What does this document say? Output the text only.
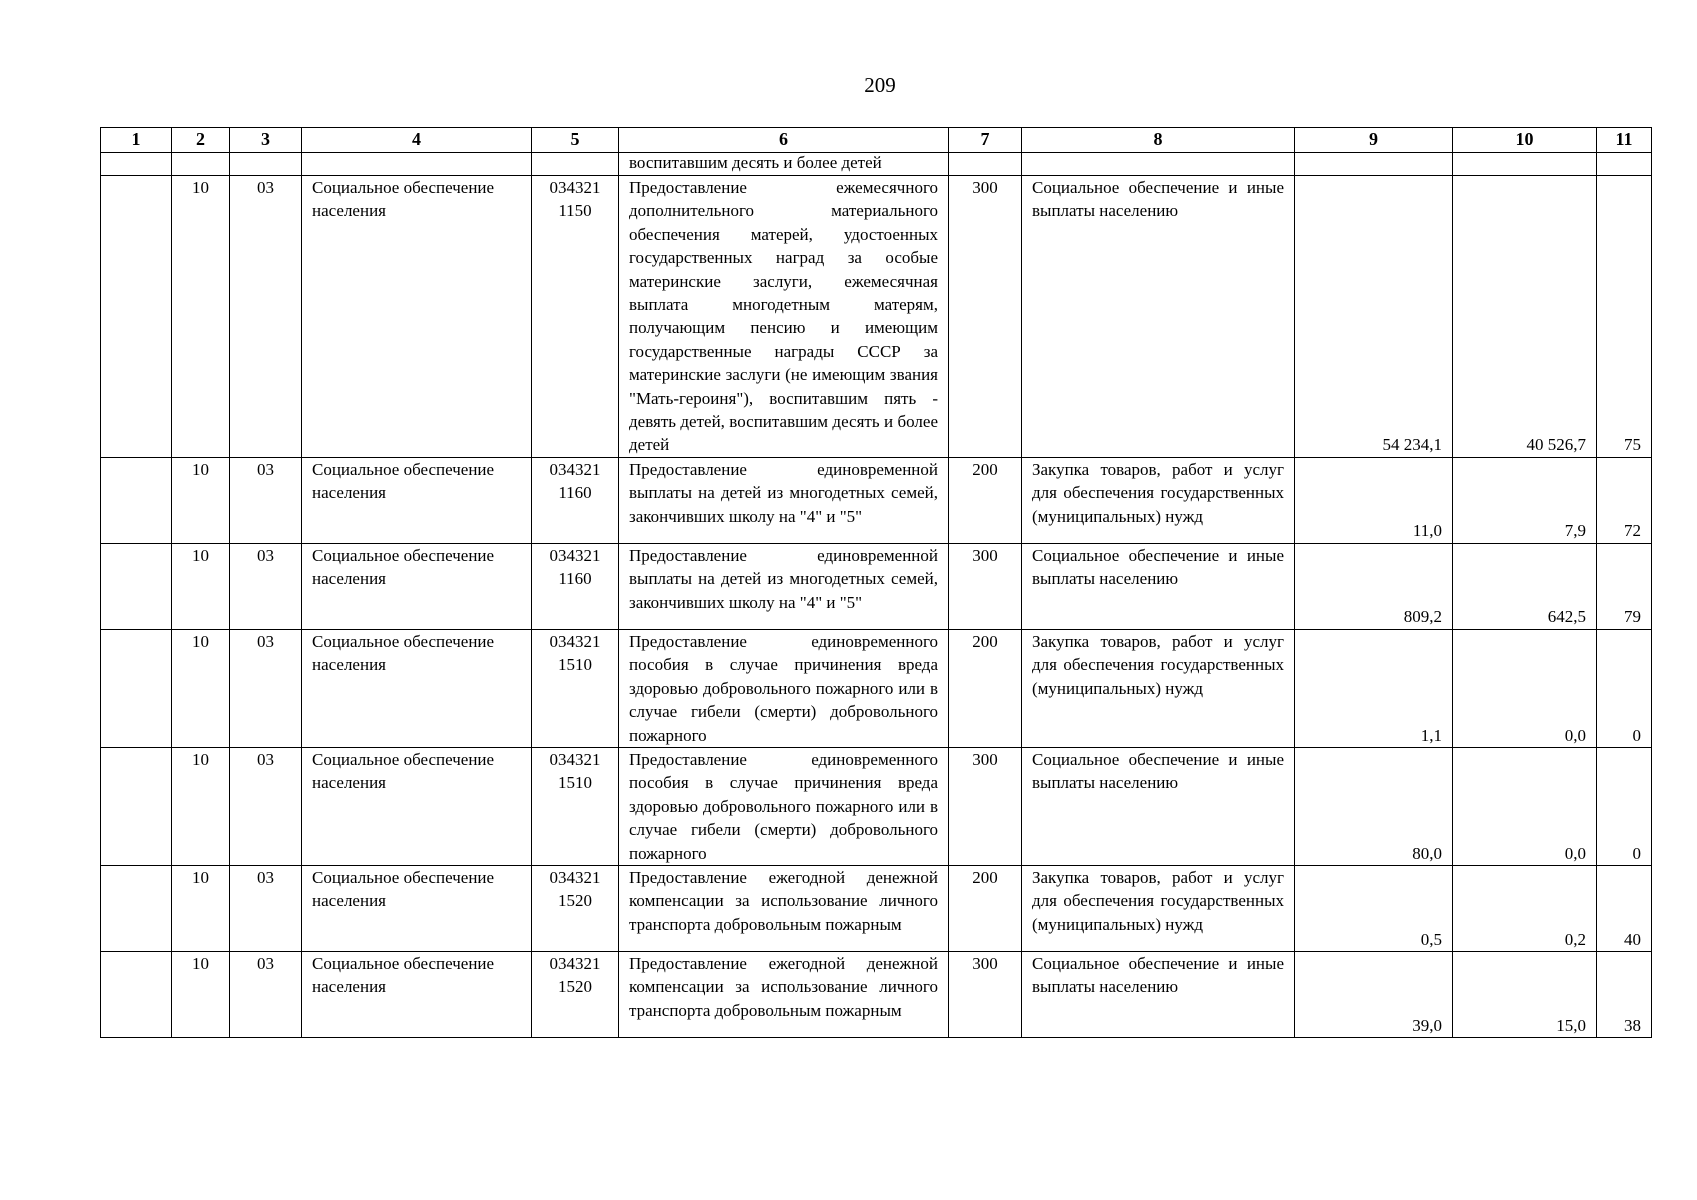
209
1	2	3	4	5	6	7	8	9	10	11
					воспитавшим десять и более детей					
	10	03	Социальное обеспечение населения	034321 1150	Предоставление ежемесячного дополнительного материального обеспечения матерей, удостоенных государственных наград за особые материнские заслуги, ежемесячная выплата многодетным матерям, получающим пенсию и имеющим государственные награды СССР за материнские заслуги (не имеющим звания "Мать-героиня"), воспитавшим пять - девять детей, воспитавшим десять и более детей	300	Социальное обеспечение и иные выплаты населению	54 234,1	40 526,7	75
	10	03	Социальное обеспечение населения	034321 1160	Предоставление единовременной выплаты на детей из многодетных семей, закончивших школу на "4" и "5"	200	Закупка товаров, работ и услуг для обеспечения государственных (муниципальных) нужд	11,0	7,9	72
	10	03	Социальное обеспечение населения	034321 1160	Предоставление единовременной выплаты на детей из многодетных семей, закончивших школу на "4" и "5"	300	Социальное обеспечение и иные выплаты населению	809,2	642,5	79
	10	03	Социальное обеспечение населения	034321 1510	Предоставление единовременного пособия в случае причинения вреда здоровью добровольного пожарного или в случае гибели (смерти) добровольного пожарного	200	Закупка товаров, работ и услуг для обеспечения государственных (муниципальных) нужд	1,1	0,0	0
	10	03	Социальное обеспечение населения	034321 1510	Предоставление единовременного пособия в случае причинения вреда здоровью добровольного пожарного или в случае гибели (смерти) добровольного пожарного	300	Социальное обеспечение и иные выплаты населению	80,0	0,0	0
	10	03	Социальное обеспечение населения	034321 1520	Предоставление ежегодной денежной компенсации за использование личного транспорта добровольным пожарным	200	Закупка товаров, работ и услуг для обеспечения государственных (муниципальных) нужд	0,5	0,2	40
	10	03	Социальное обеспечение населения	034321 1520	Предоставление ежегодной денежной компенсации за использование личного транспорта добровольным пожарным	300	Социальное обеспечение и иные выплаты населению	39,0	15,0	38
